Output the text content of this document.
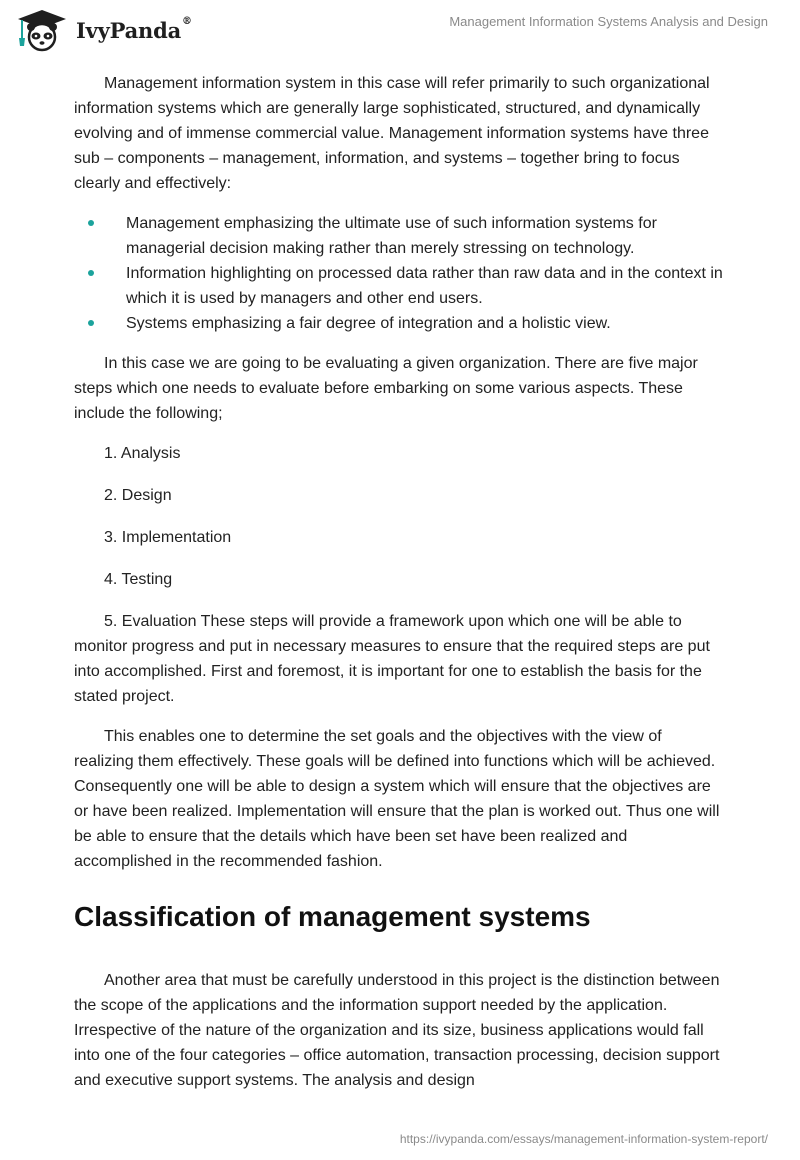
IvyPanda®	Management Information Systems Analysis and Design

Management information system in this case will refer primarily to such organizational information systems which are generally large sophisticated, structured, and dynamically evolving and of immense commercial value. Management information systems have three sub – components – management, information, and systems – together bring to focus clearly and effectively:

Management emphasizing the ultimate use of such information systems for managerial decision making rather than merely stressing on technology.
Information highlighting on processed data rather than raw data and in the context in which it is used by managers and other end users.
Systems emphasizing a fair degree of integration and a holistic view.

In this case we are going to be evaluating a given organization. There are five major steps which one needs to evaluate before embarking on some various aspects. These include the following;

1. Analysis
2. Design
3. Implementation
4. Testing

5. Evaluation These steps will provide a framework upon which one will be able to monitor progress and put in necessary measures to ensure that the required steps are put into accomplished. First and foremost, it is important for one to establish the basis for the stated project.

This enables one to determine the set goals and the objectives with the view of realizing them effectively. These goals will be defined into functions which will be achieved. Consequently one will be able to design a system which will ensure that the objectives are or have been realized. Implementation will ensure that the plan is worked out. Thus one will be able to ensure that the details which have been set have been realized and accomplished in the recommended fashion.

Classification of management systems

Another area that must be carefully understood in this project is the distinction between the scope of the applications and the information support needed by the application. Irrespective of the nature of the organization and its size, business applications would fall into one of the four categories – office automation, transaction processing, decision support and executive support systems. The analysis and design

https://ivypanda.com/essays/management-information-system-report/
